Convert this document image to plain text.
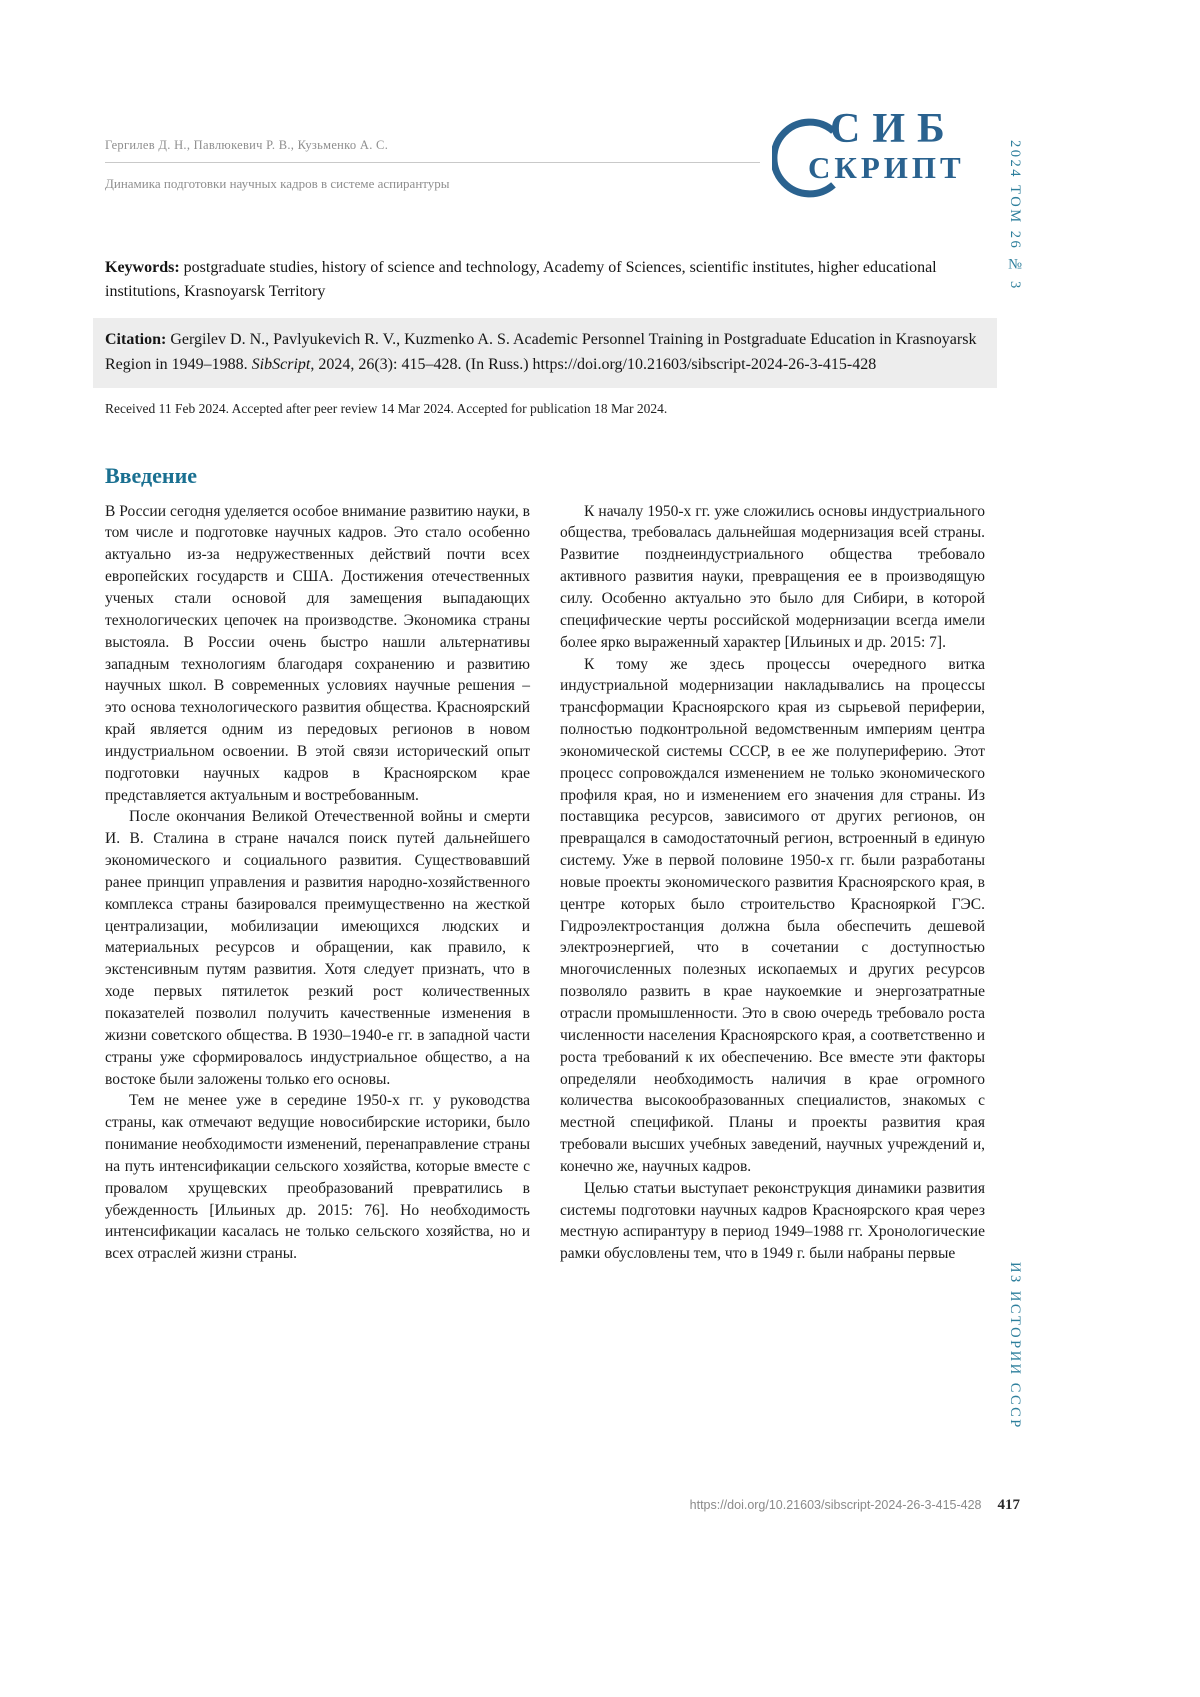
СИБ
СКРИПТ	2024 ТОМ 26 № 3
ИЗ ИСТОРИИ СССР
Гергилев Д. Н., Павлюкевич Р. В., Кузьменко А. С.
Динамика подготовки научных кадров в системе аспирантуры
Keywords: postgraduate studies, history of science and technology, Academy of Sciences, scientific institutes, higher educational institutions, Krasnoyarsk Territory
Citation: Gergilev D. N., Pavlyukevich R. V., Kuzmenko A. S. Academic Personnel Training in Postgraduate Education in Krasnoyarsk Region in 1949–1988. SibScript, 2024, 26(3): 415–428. (In Russ.) https://doi.org/10.21603/sibscript-2024-26-3-415-428
Received 11 Feb 2024. Accepted after peer review 14 Mar 2024. Accepted for publication 18 Mar 2024.
Введение

В России сегодня уделяется особое внимание развитию науки, в том числе и подготовке научных кадров. Это стало особенно актуально из-за недружественных действий почти всех европейских государств и США. Достижения отечественных ученых стали основой для замещения выпадающих технологических цепочек на производстве. Экономика страны выстояла. В России очень быстро нашли альтернативы западным технологиям благодаря сохранению и развитию научных школ. В современных условиях научные решения – это основа технологического развития общества. Красноярский край является одним из передовых регионов в новом индустриальном освоении. В этой связи исторический опыт подготовки научных кадров в Красноярском крае представляется актуальным и востребованным.

После окончания Великой Отечественной войны и смерти И. В. Сталина в стране начался поиск путей дальнейшего экономического и социального развития. Существовавший ранее принцип управления и развития народно-хозяйственного комплекса страны базировался преимущественно на жесткой централизации, мобилизации имеющихся людских и материальных ресурсов и обращении, как правило, к экстенсивным путям развития. Хотя следует признать, что в ходе первых пятилеток резкий рост количественных показателей позволил получить качественные изменения в жизни советского общества. В 1930–1940-е гг. в западной части страны уже сформировалось индустриальное общество, а на востоке были заложены только его основы.

Тем не менее уже в середине 1950-х гг. у руководства страны, как отмечают ведущие новосибирские историки, было понимание необходимости изменений, перенаправление страны на путь интенсификации сельского хозяйства, которые вместе с провалом хрущевских преобразований превратились в убежденность [Ильиных др. 2015: 76]. Но необходимость интенсификации касалась не только сельского хозяйства, но и всех отраслей жизни страны.

К началу 1950-х гг. уже сложились основы индустриального общества, требовалась дальнейшая модернизация всей страны. Развитие позднеиндустриального общества требовало активного развития науки, превращения ее в производящую силу. Особенно актуально это было для Сибири, в которой специфические черты российской модернизации всегда имели более ярко выраженный характер [Ильиных и др. 2015: 7].

К тому же здесь процессы очередного витка индустриальной модернизации накладывались на процессы трансформации Красноярского края из сырьевой периферии, полностью подконтрольной ведомственным империям центра экономической системы СССР, в ее же полупериферию. Этот процесс сопровождался изменением не только экономического профиля края, но и изменением его значения для страны. Из поставщика ресурсов, зависимого от других регионов, он превращался в самодостаточный регион, встроенный в единую систему. Уже в первой половине 1950-х гг. были разработаны новые проекты экономического развития Красноярского края, в центре которых было строительство Краснояркой ГЭС. Гидроэлектростанция должна была обеспечить дешевой электроэнергией, что в сочетании с доступностью многочисленных полезных ископаемых и других ресурсов позволяло развить в крае наукоемкие и энергозатратные отрасли промышленности. Это в свою очередь требовало роста численности населения Красноярского края, а соответственно и роста требований к их обеспечению. Все вместе эти факторы определяли необходимость наличия в крае огромного количества высокообразованных специалистов, знакомых с местной спецификой. Планы и проекты развития края требовали высших учебных заведений, научных учреждений и, конечно же, научных кадров.

Целью статьи выступает реконструкция динамики развития системы подготовки научных кадров Красноярского края через местную аспирантуру в период 1949–1988 гг. Хронологические рамки обусловлены тем, что в 1949 г. были набраны первые

https://doi.org/10.21603/sibscript-2024-26-3-415-428 417
